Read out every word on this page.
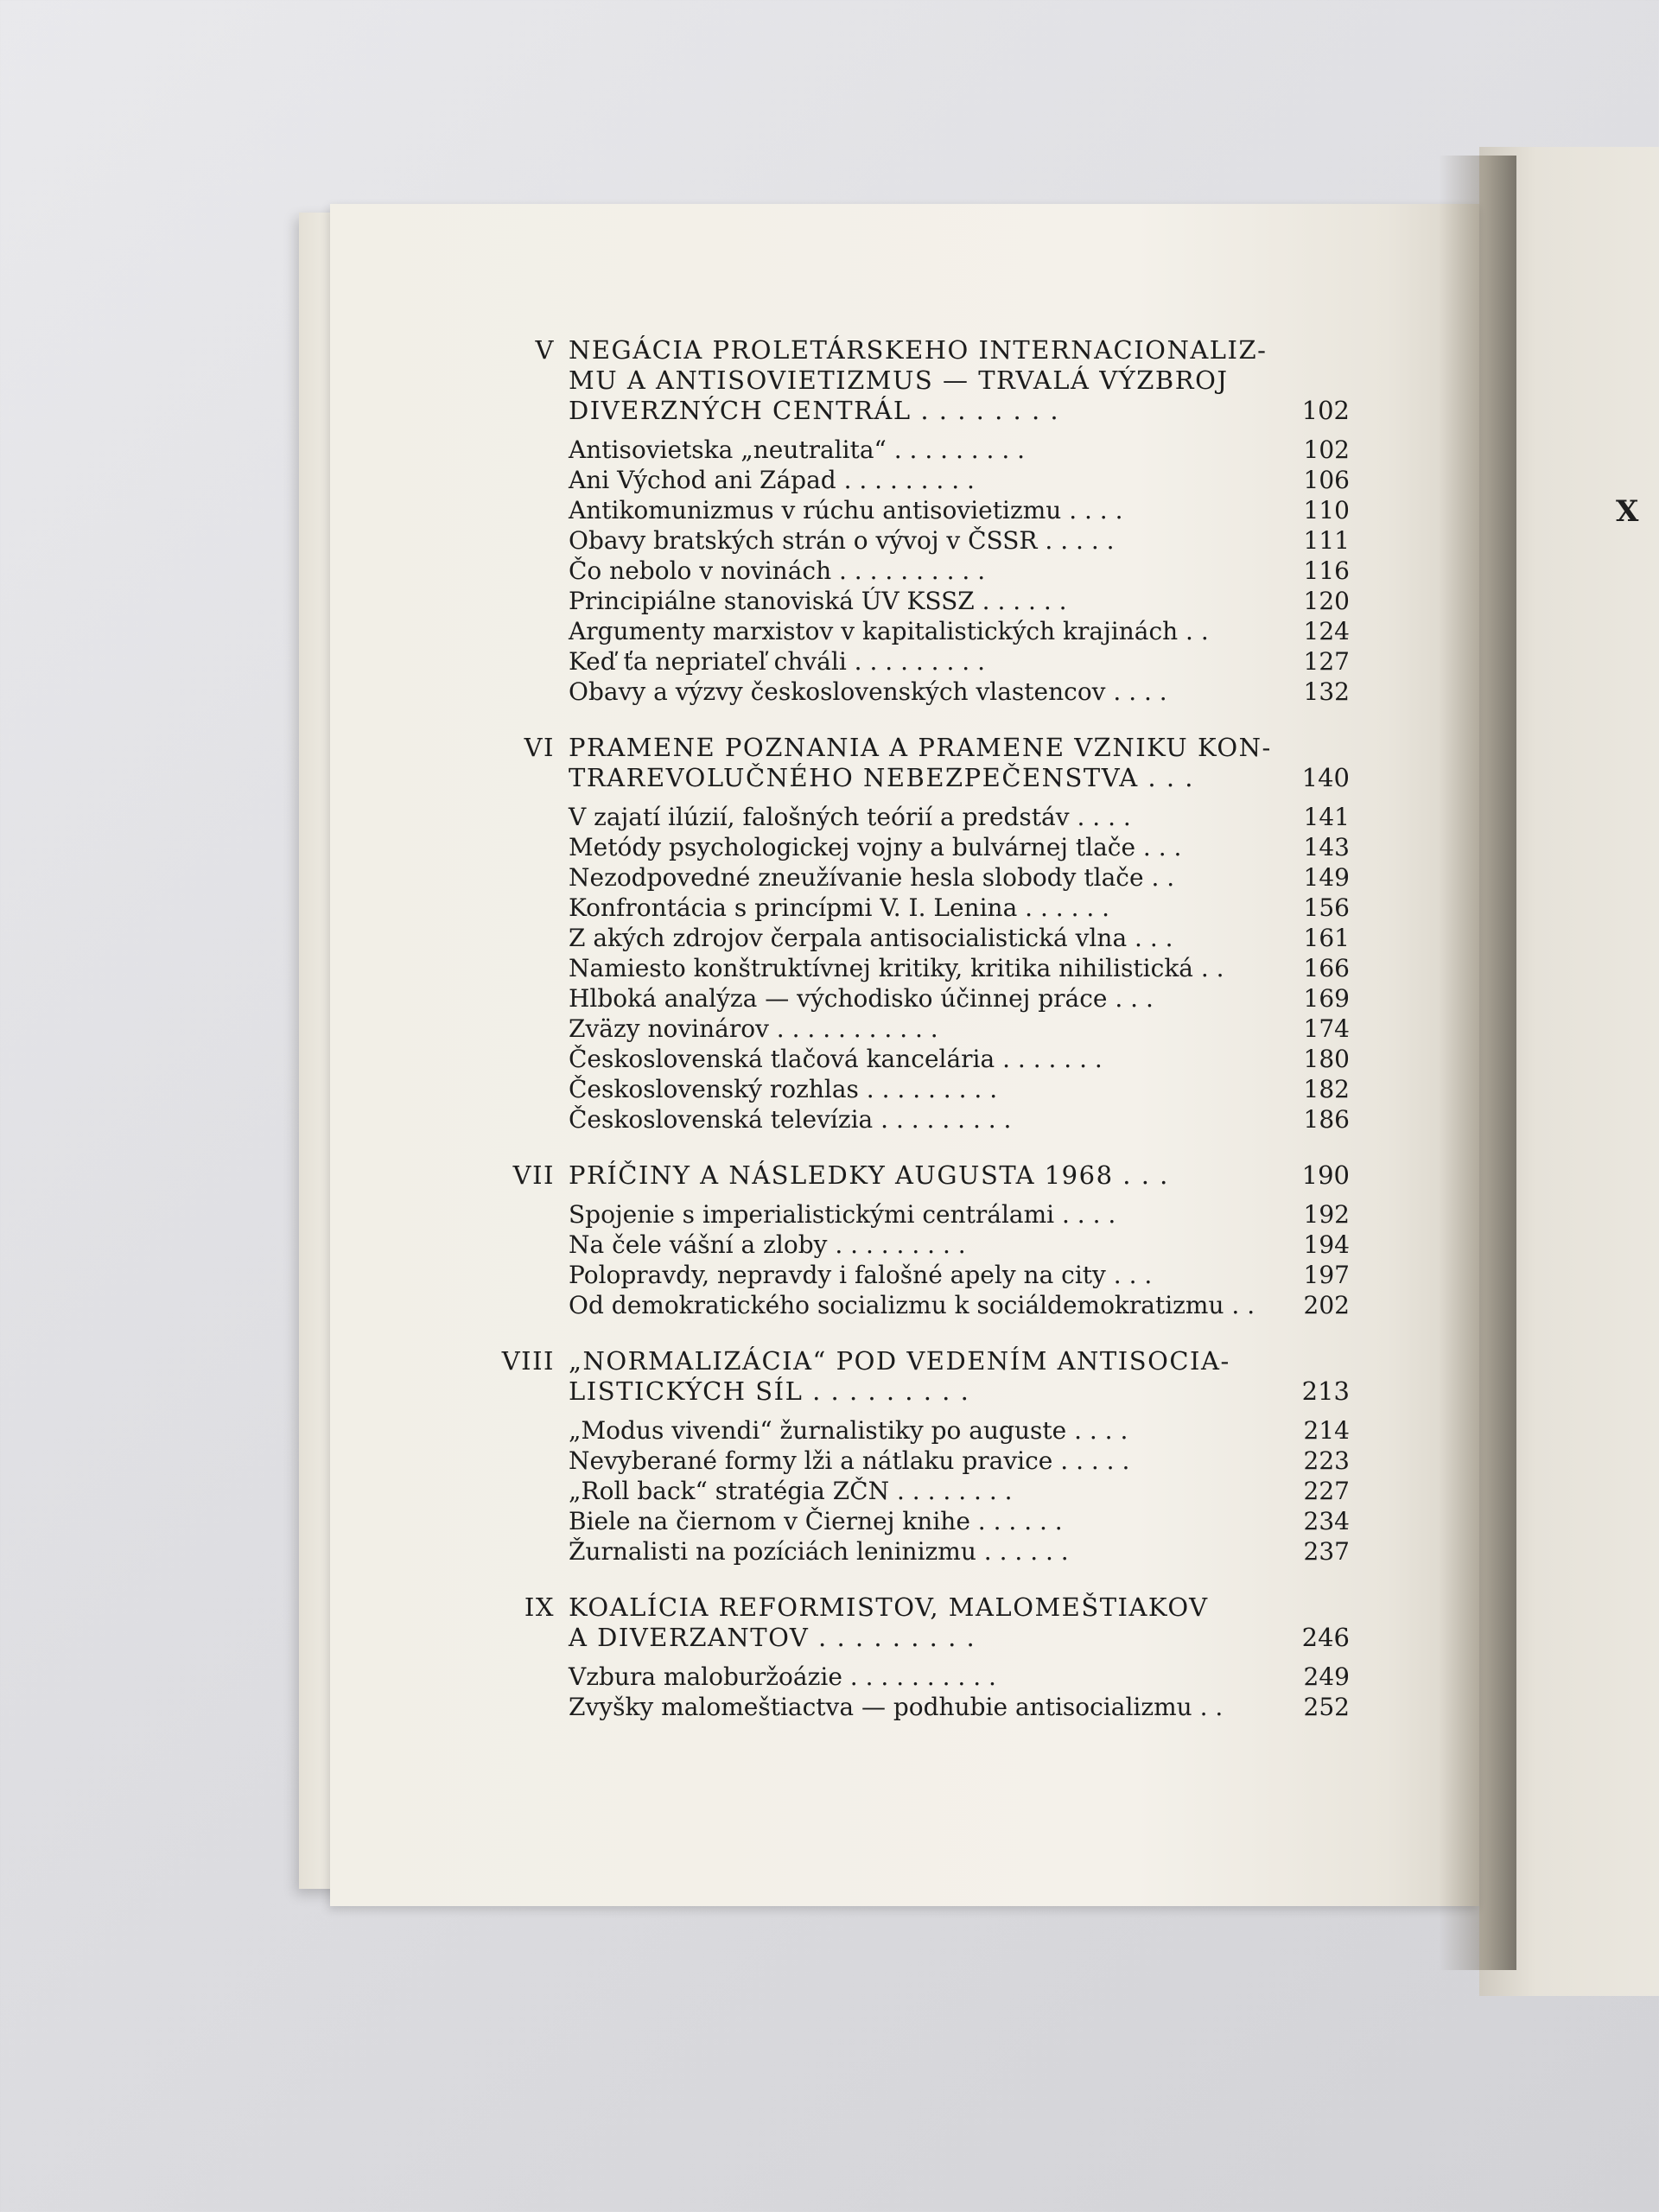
X
V NEGÁCIA PROLETÁRSKEHO INTERNACIONALIZ-
MU A ANTISOVIETIZMUS — TRVALÁ VÝZBROJ
DIVERZNÝCH CENTRÁL . . . . . . . .	102
Antisovietska „neutralita“ . . . . . . . . .	102
Ani Východ ani Západ . . . . . . . . .	106
Antikomunizmus v rúchu antisovietizmu . . . .	110
Obavy bratských strán o vývoj v ČSSR . . . . .	111
Čo nebolo v novinách . . . . . . . . . .	116
Principiálne stanoviská ÚV KSSZ . . . . . .	120
Argumenty marxistov v kapitalistických krajinách . .	124
Keď ťa nepriateľ chváli . . . . . . . . .	127
Obavy a výzvy československých vlastencov . . . .	132
VI PRAMENE POZNANIA A PRAMENE VZNIKU KON-
TRAREVOLUČNÉHO NEBEZPEČENSTVA . . .	140
V zajatí ilúzií, falošných teórií a predstáv . . . .	141
Metódy psychologickej vojny a bulvárnej tlače . . .	143
Nezodpovedné zneužívanie hesla slobody tlače . .	149
Konfrontácia s princípmi V. I. Lenina . . . . . .	156
Z akých zdrojov čerpala antisocialistická vlna . . .	161
Namiesto konštruktívnej kritiky, kritika nihilistická . .	166
Hlboká analýza — východisko účinnej práce . . .	169
Zväzy novinárov . . . . . . . . . . .	174
Československá tlačová kancelária . . . . . . .	180
Československý rozhlas . . . . . . . . .	182
Československá televízia . . . . . . . . .	186
VII PRÍČINY A NÁSLEDKY AUGUSTA 1968 . . .	190
Spojenie s imperialistickými centrálami . . . .	192
Na čele vášní a zloby . . . . . . . . .	194
Polopravdy, nepravdy i falošné apely na city . . .	197
Od demokratického socializmu k sociáldemokratizmu . .	202
VIII „NORMALIZÁCIA“ POD VEDENÍM ANTISOCIA-
LISTICKÝCH SÍL . . . . . . . . .	213
„Modus vivendi“ žurnalistiky po auguste . . . .	214
Nevyberané formy lži a nátlaku pravice . . . . .	223
„Roll back“ stratégia ZČN . . . . . . . .	227
Biele na čiernom v Čiernej knihe . . . . . .	234
Žurnalisti na pozíciách leninizmu . . . . . .	237
IX KOALÍCIA REFORMISTOV, MALOMEŠTIAKOV
A DIVERZANTOV . . . . . . . . .	246
Vzbura maloburžoázie . . . . . . . . . .	249
Zvyšky malomeštiactva — podhubie antisocializmu . .	252
